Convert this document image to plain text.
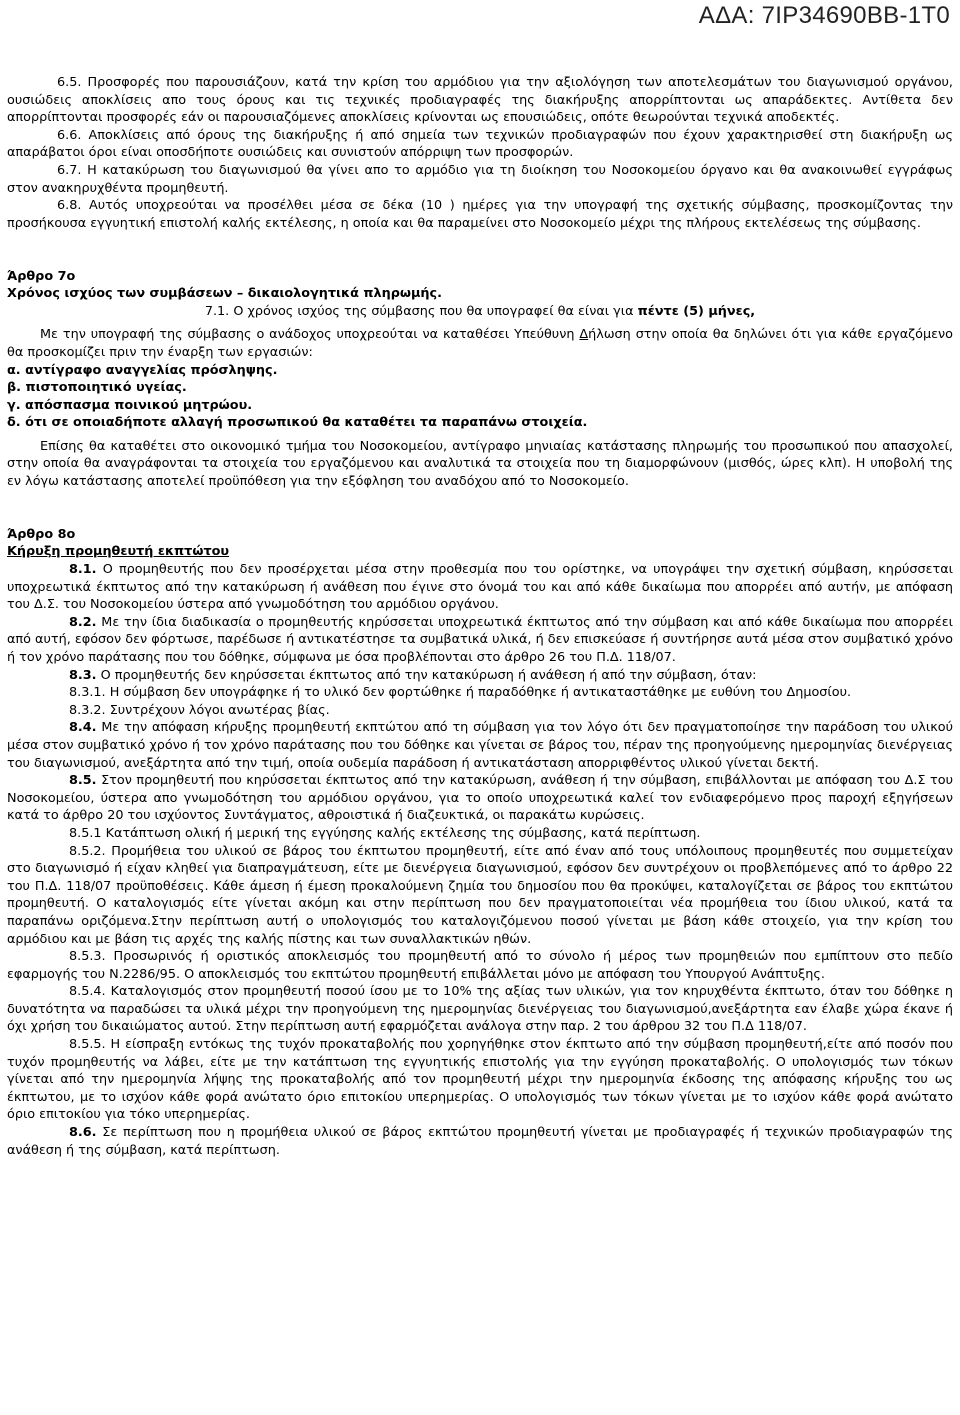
ΑΔΑ: 7ΙΡ34690ΒΒ-1Τ0

6.5. Προσφορές που παρουσιάζουν, κατά την κρίση του αρμόδιου για την αξιολόγηση των αποτελεσμάτων του διαγωνισμού οργάνου, ουσιώδεις αποκλίσεις απο τους όρους και τις τεχνικές προδιαγραφές της διακήρυξης απορρίπτονται ως απαράδεκτες. Αντίθετα δεν απορρίπτονται προσφορές εάν οι παρουσιαζόμενες αποκλίσεις κρίνονται ως επουσιώδεις, οπότε θεωρούνται τεχνικά αποδεκτές.

6.6. Αποκλίσεις από όρους της διακήρυξης ή από σημεία των τεχνικών προδιαγραφών που έχουν χαρακτηρισθεί στη διακήρυξη ως απαράβατοι όροι είναι οποσδήποτε ουσιώδεις και συνιστούν απόρριψη των προσφορών.

6.7. Η κατακύρωση του διαγωνισμού θα γίνει απο το αρμόδιο για τη διοίκηση του Νοσοκομείου όργανο και θα ανακοινωθεί εγγράφως στον ανακηρυχθέντα προμηθευτή.

6.8. Αυτός υποχρεούται να προσέλθει μέσα σε δέκα (10 ) ημέρες για την υπογραφή της σχετικής σύμβασης, προσκομίζοντας την προσήκουσα εγγυητική επιστολή καλής εκτέλεσης, η οποία και θα παραμείνει στο Νοσοκομείο μέχρι της πλήρους εκτελέσεως της σύμβασης.

Άρθρο 7ο

Χρόνος ισχύος των συμβάσεων – δικαιολογητικά πληρωμής.

7.1. Ο χρόνος ισχύος της σύμβασης που θα υπογραφεί θα είναι για πέντε (5) μήνες,

Με την υπογραφή της σύμβασης ο ανάδοχος υποχρεούται να καταθέσει Υπεύθυνη Δήλωση στην οποία θα δηλώνει ότι για κάθε εργαζόμενο θα προσκομίζει πριν την έναρξη των εργασιών:

α. αντίγραφο αναγγελίας πρόσληψης.

β. πιστοποιητικό υγείας.

γ. απόσπασμα ποινικού μητρώου.

δ. ότι σε οποιαδήποτε αλλαγή προσωπικού θα καταθέτει τα παραπάνω στοιχεία.

Επίσης θα καταθέτει στο οικονομικό τμήμα του Νοσοκομείου, αντίγραφο μηνιαίας κατάστασης πληρωμής του προσωπικού που απασχολεί, στην οποία θα αναγράφονται τα στοιχεία του εργαζόμενου και αναλυτικά τα στοιχεία που τη διαμορφώνουν (μισθός, ώρες κλπ). Η υποβολή της εν λόγω κατάστασης αποτελεί προϋπόθεση για την εξόφληση του αναδόχου από το Νοσοκομείο.

Άρθρο 8ο

Κήρυξη προμηθευτή εκπτώτου

8.1. Ο προμηθευτής που δεν προσέρχεται μέσα στην προθεσμία που του ορίστηκε, να υπογράψει την σχετική σύμβαση, κηρύσσεται υποχρεωτικά έκπτωτος από την κατακύρωση ή ανάθεση που έγινε στο όνομά του και από κάθε δικαίωμα που απορρέει από αυτήν, με απόφαση του Δ.Σ. του Νοσοκομείου ύστερα από γνωμοδότηση του αρμόδιου οργάνου.

8.2. Με την ίδια διαδικασία ο προμηθευτής κηρύσσεται υποχρεωτικά έκπτωτος από την σύμβαση και από κάθε δικαίωμα που απορρέει από αυτή, εφόσον δεν φόρτωσε, παρέδωσε ή αντικατέστησε τα συμβατικά υλικά, ή δεν επισκεύασε ή συντήρησε αυτά μέσα στον συμβατικό χρόνο ή τον χρόνο παράτασης που του δόθηκε, σύμφωνα με όσα προβλέπονται στο άρθρο 26 του Π.Δ. 118/07.

8.3. Ο προμηθευτής δεν κηρύσσεται έκπτωτος από την κατακύρωση ή ανάθεση ή από την σύμβαση, όταν:

8.3.1. Η σύμβαση δεν υπογράφηκε ή το υλικό δεν φορτώθηκε ή παραδόθηκε ή αντικαταστάθηκε με ευθύνη του Δημοσίου.

8.3.2. Συντρέχουν λόγοι ανωτέρας βίας.

8.4. Με την απόφαση κήρυξης προμηθευτή εκπτώτου από τη σύμβαση για τον λόγο ότι δεν πραγματοποίησε την παράδοση του υλικού μέσα στον συμβατικό χρόνο ή τον χρόνο παράτασης που του δόθηκε και γίνεται σε βάρος του, πέραν της προηγούμενης ημερομηνίας διενέργειας του διαγωνισμού, ανεξάρτητα από την τιμή, οποία ουδεμία παράδοση ή αντικατάσταση απορριφθέντος υλικού γίνεται δεκτή.

8.5. Στον προμηθευτή που κηρύσσεται έκπτωτος από την κατακύρωση, ανάθεση ή την σύμβαση, επιβάλλονται με απόφαση του Δ.Σ του Νοσοκομείου, ύστερα απο γνωμοδότηση του αρμόδιου οργάνου, για το οποίο υποχρεωτικά καλεί τον ενδιαφερόμενο προς παροχή εξηγήσεων κατά το άρθρο 20 του ισχύοντος Συντάγματος, αθροιστικά ή διαζευκτικά, οι παρακάτω κυρώσεις.

8.5.1 Κατάπτωση ολική ή μερική της εγγύησης καλής εκτέλεσης της σύμβασης, κατά περίπτωση.

8.5.2. Προμήθεια του υλικού σε βάρος του έκπτωτου προμηθευτή, είτε από έναν από τους υπόλοιπους προμηθευτές που συμμετείχαν στο διαγωνισμό ή είχαν κληθεί για διαπραγμάτευση, είτε με διενέργεια διαγωνισμού, εφόσον δεν συντρέχουν οι προβλεπόμενες από το άρθρο 22 του Π.Δ. 118/07 προϋποθέσεις. Κάθε άμεση ή έμεση προκαλούμενη ζημία του δημοσίου που θα προκύψει, καταλογίζεται σε βάρος του εκπτώτου προμηθευτή. Ο καταλογισμός είτε γίνεται ακόμη και στην περίπτωση που δεν πραγματοποιείται νέα προμήθεια του ίδιου υλικού, κατά τα παραπάνω οριζόμενα.Στην περίπτωση αυτή ο υπολογισμός του καταλογιζόμενου ποσού γίνεται με βάση κάθε στοιχείο, για την κρίση του αρμόδιου και με βάση τις αρχές της καλής πίστης και των συναλλακτικών ηθών.

8.5.3. Προσωρινός ή οριστικός αποκλεισμός του προμηθευτή από το σύνολο ή μέρος των προμηθειών που εμπίπτουν στο πεδίο εφαρμογής του Ν.2286/95. Ο αποκλεισμός του εκπτώτου προμηθευτή επιβάλλεται μόνο με απόφαση του Υπουργού Ανάπτυξης.

8.5.4. Καταλογισμός στον προμηθευτή ποσού ίσου με το 10% της αξίας των υλικών, για τον κηρυχθέντα έκπτωτο, όταν του δόθηκε η δυνατότητα να παραδώσει τα υλικά μέχρι την προηγούμενη της ημερομηνίας διενέργειας του διαγωνισμού,ανεξάρτητα εαν έλαβε χώρα έκανε ή όχι χρήση του δικαιώματος αυτού. Στην περίπτωση αυτή εφαρμόζεται ανάλογα στην παρ. 2 του άρθρου 32 του Π.Δ 118/07.

8.5.5. Η είσπραξη εντόκως της τυχόν προκαταβολής που χορηγήθηκε στον έκπτωτο από την σύμβαση προμηθευτή,είτε από ποσόν που τυχόν προμηθευτής να λάβει, είτε με την κατάπτωση της εγγυητικής επιστολής για την εγγύηση προκαταβολής. Ο υπολογισμός των τόκων γίνεται από την ημερομηνία λήψης της προκαταβολής από τον προμηθευτή μέχρι την ημερομηνία έκδοσης της απόφασης κήρυξης του ως έκπτωτου, με το ισχύον κάθε φορά ανώτατο όριο επιτοκίου υπερημερίας. Ο υπολογισμός των τόκων γίνεται με το ισχύον κάθε φορά ανώτατο όριο επιτοκίου για τόκο υπερημερίας.

8.6. Σε περίπτωση που η προμήθεια υλικού σε βάρος εκπτώτου προμηθευτή γίνεται με προδιαγραφές ή τεχνικών προδιαγραφών της ανάθεση ή της σύμβαση, κατά περίπτωση.
